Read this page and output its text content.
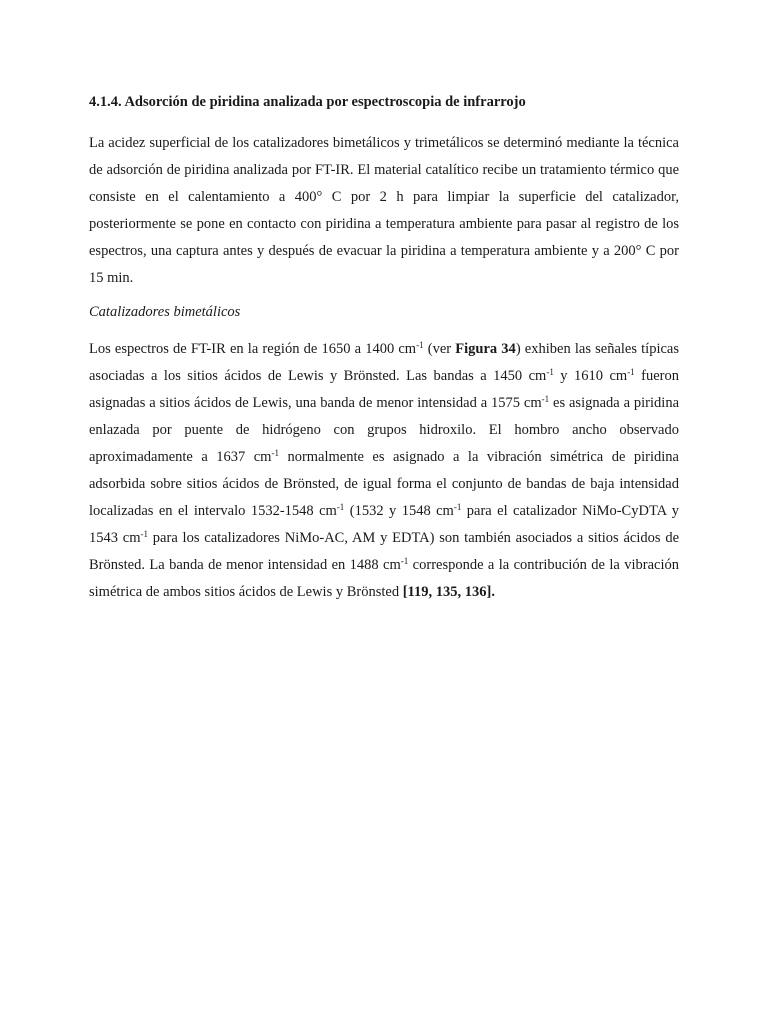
4.1.4. Adsorción de piridina analizada por espectroscopia de infrarrojo

La acidez superficial de los catalizadores bimetálicos y trimetálicos se determinó mediante la técnica de adsorción de piridina analizada por FT-IR. El material catalítico recibe un tratamiento térmico que consiste en el calentamiento a 400° C por 2 h para limpiar la superficie del catalizador, posteriormente se pone en contacto con piridina a temperatura ambiente para pasar al registro de los espectros, una captura antes y después de evacuar la piridina a temperatura ambiente y a 200° C por 15 min.

Catalizadores bimetálicos

Los espectros de FT-IR en la región de 1650 a 1400 $cm^{-1}$ (ver Figura 34) exhiben las señales típicas asociadas a los sitios ácidos de Lewis y Brönsted. Las bandas a 1450 $cm^{-1}$ y 1610 $cm^{-1}$ fueron asignadas a sitios ácidos de Lewis, una banda de menor intensidad a 1575 $cm^{-1}$ es asignada a piridina enlazada por puente de hidrógeno con grupos hidroxilo. El hombro ancho observado aproximadamente a 1637 $cm^{-1}$ normalmente es asignado a la vibración simétrica de piridina adsorbida sobre sitios ácidos de Brönsted, de igual forma el conjunto de bandas de baja intensidad localizadas en el intervalo 1532-1548 $cm^{-1}$ (1532 y 1548 $cm^{-1}$ para el catalizador NiMo-CyDTA y 1543 $cm^{-1}$ para los catalizadores NiMo-AC, AM y EDTA) son también asociados a sitios ácidos de Brönsted. La banda de menor intensidad en 1488 $cm^{-1}$ corresponde a la contribución de la vibración simétrica de ambos sitios ácidos de Lewis y Brönsted [119, 135, 136].
